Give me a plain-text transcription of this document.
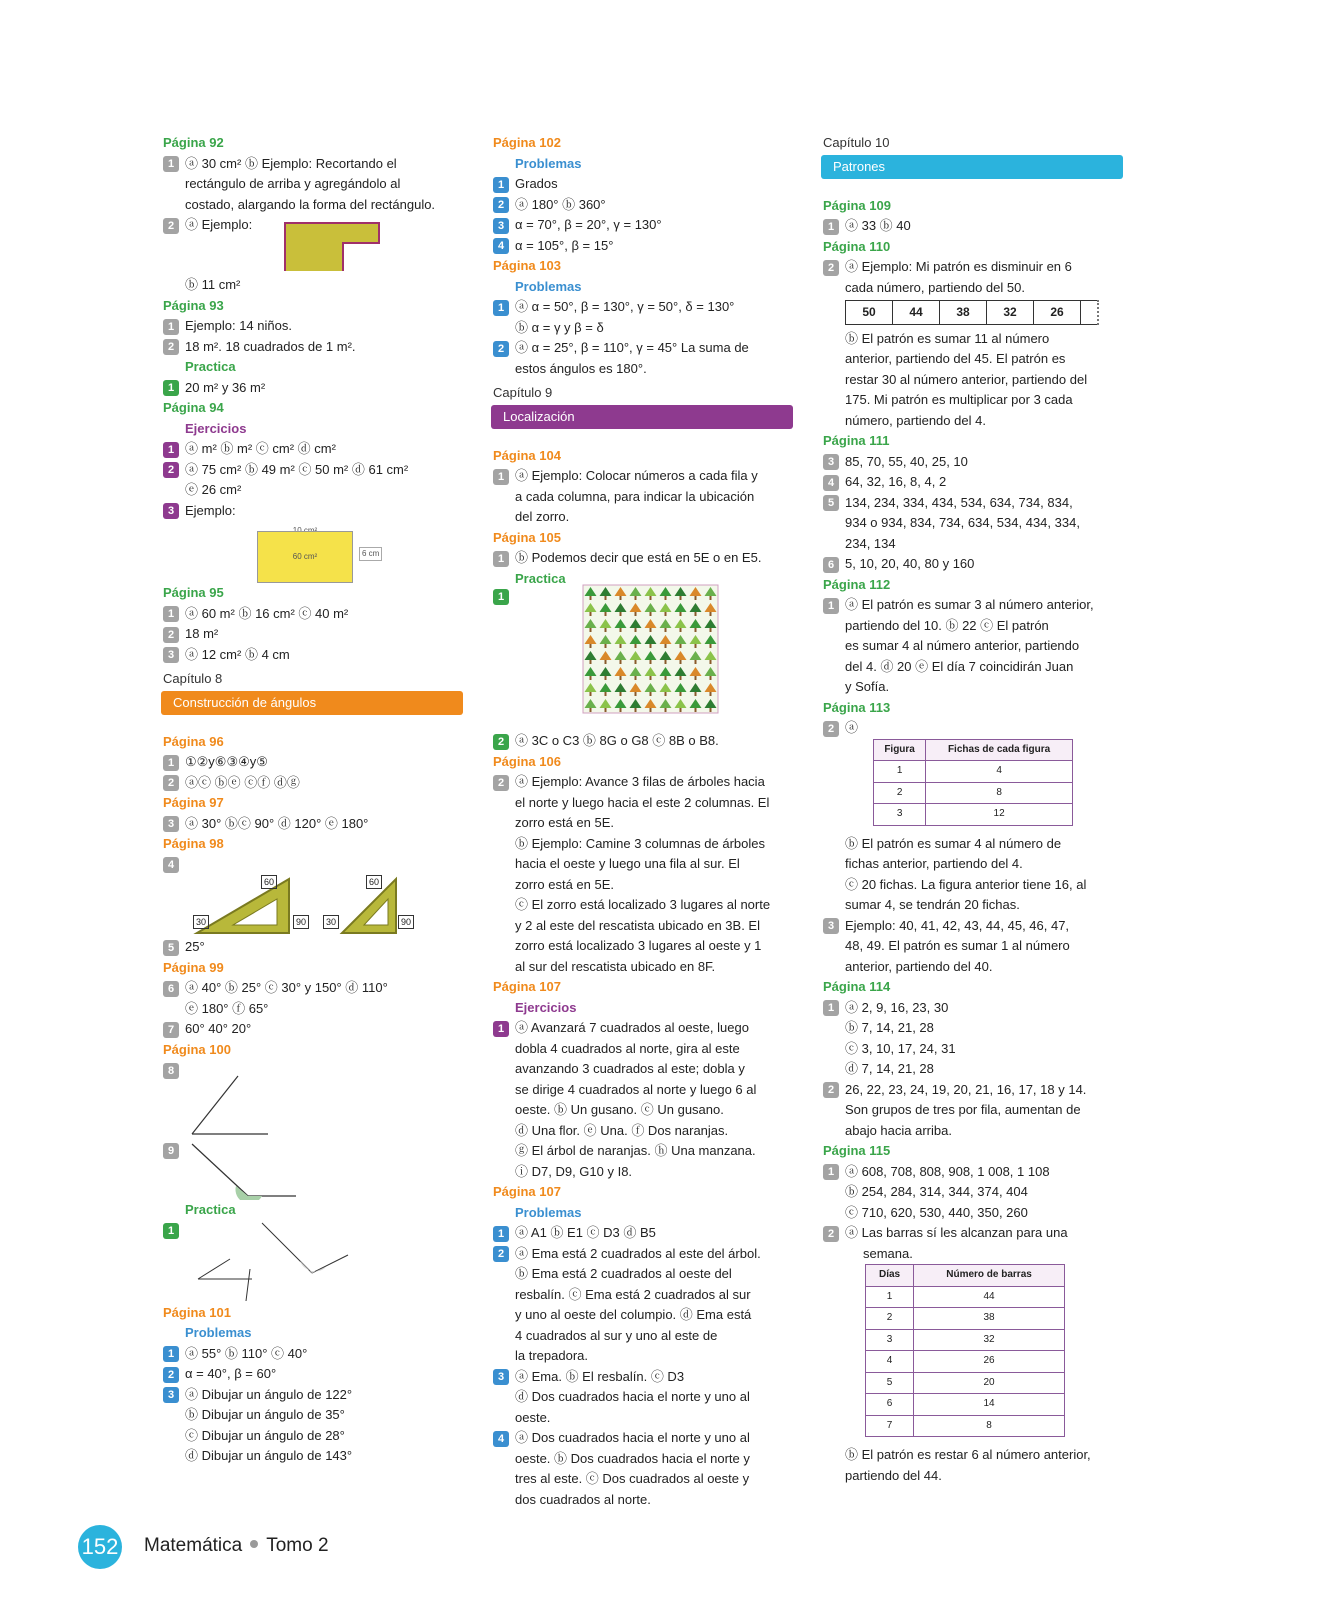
Página 92
1 ⓐ 30 cm² ⓑ Ejemplo: Recortando el
rectángulo de arriba y agregándolo al
costado, alargando la forma del rectángulo.
2 ⓐ Ejemplo:
ⓑ 11 cm²
Página 93
1 Ejemplo: 14 niños.
2 18 m². 18 cuadrados de 1 m².
Practica
1 20 m² y 36 m²
Página 94
Ejercicios
1 ⓐ m² ⓑ m² ⓒ cm² ⓓ cm²
2 ⓐ 75 cm² ⓑ 49 m² ⓒ 50 m² ⓓ 61 cm²
ⓔ 26 cm²
3 Ejemplo:
60 cm²	6 cm
Página 95
1 ⓐ 60 m² ⓑ 16 cm² ⓒ 40 m²
2 18 m²
3 ⓐ 12 cm² ⓑ 4 cm
Capítulo 8
Construcción de ángulos
Página 96
1 ①②y⑥③④y⑤
2 ⓐⓒ ⓑⓔ ⓒⓕ ⓓⓖ
Página 97
3 ⓐ 30° ⓑⓒ 90° ⓓ 120° ⓔ 180°
Página 98
4
60
30	90
60
30	90
5 25°
Página 99
6 ⓐ 40° ⓑ 25° ⓒ 30° y 150° ⓓ 110°
ⓔ 180° ⓕ 65°
7 60° 40° 20°
Página 100
8
9
Practica
1
Página 101
Problemas
1 ⓐ 55° ⓑ 110° ⓒ 40°
2 α = 40°, β = 60°
3 ⓐ Dibujar un ángulo de 122°
ⓑ Dibujar un ángulo de 35°
ⓒ Dibujar un ángulo de 28°
ⓓ Dibujar un ángulo de 143°
Página 102
Problemas
1 Grados
2 ⓐ 180° ⓑ 360°
3 α = 70°, β = 20°, γ = 130°
4 α = 105°, β = 15°
Página 103
Problemas
1 ⓐ α = 50°, β = 130°, γ = 50°, δ = 130°
ⓑ α = γ y β = δ
2 ⓐ α = 25°, β = 110°, γ = 45° La suma de
estos ángulos es 180°.
Capítulo 9
Localización
Página 104
1 ⓐ Ejemplo: Colocar números a cada fila y
a cada columna, para indicar la ubicación
del zorro.
Página 105
1 ⓑ Podemos decir que está en 5E o en E5.
Practica
1
2 ⓐ 3C o C3 ⓑ 8G o G8 ⓒ 8B o B8.
Página 106
2 ⓐ Ejemplo: Avance 3 filas de árboles hacia
el norte y luego hacia el este 2 columnas. El
zorro está en 5E.
ⓑ Ejemplo: Camine 3 columnas de árboles
hacia el oeste y luego una fila al sur. El
zorro está en 5E.
ⓒ El zorro está localizado 3 lugares al norte
y 2 al este del rescatista ubicado en 3B. El
zorro está localizado 3 lugares al oeste y 1
al sur del rescatista ubicado en 8F.
Página 107
Ejercicios
1 ⓐ Avanzará 7 cuadrados al oeste, luego
dobla 4 cuadrados al norte, gira al este
avanzando 3 cuadrados al este; dobla y
se dirige 4 cuadrados al norte y luego 6 al
oeste. ⓑ Un gusano. ⓒ Un gusano.
ⓓ Una flor. ⓔ Una. ⓕ Dos naranjas.
ⓖ El árbol de naranjas. ⓗ Una manzana.
ⓘ D7, D9, G10 y I8.
Página 107
Problemas
1 ⓐ A1 ⓑ E1 ⓒ D3 ⓓ B5
2 ⓐ Ema está 2 cuadrados al este del árbol.
ⓑ Ema está 2 cuadrados al oeste del
resbalín. ⓒ Ema está 2 cuadrados al sur
y uno al oeste del columpio. ⓓ Ema está
4 cuadrados al sur y uno al este de
la trepadora.
3 ⓐ Ema. ⓑ El resbalín. ⓒ D3
ⓓ Dos cuadrados hacia el norte y uno al
oeste.
4 ⓐ Dos cuadrados hacia el norte y uno al
oeste. ⓑ Dos cuadrados hacia el norte y
tres al este. ⓒ Dos cuadrados al oeste y
dos cuadrados al norte.
Capítulo 10
Patrones
Página 109
1 ⓐ 33 ⓑ 40
Página 110
2 ⓐ Ejemplo: Mi patrón es disminuir en 6
cada número, partiendo del 50.
50	44	38	32	26	
ⓑ El patrón es sumar 11 al número
anterior, partiendo del 45. El patrón es
restar 30 al número anterior, partiendo del
175. Mi patrón es multiplicar por 3 cada
número, partiendo del 4.
Página 111
3 85, 70, 55, 40, 25, 10
4 64, 32, 16, 8, 4, 2
5 134, 234, 334, 434, 534, 634, 734, 834,
934 o 934, 834, 734, 634, 534, 434, 334,
234, 134
6 5, 10, 20, 40, 80 y 160
Página 112
1 ⓐ El patrón es sumar 3 al número anterior,
partiendo del 10. ⓑ 22 ⓒ El patrón
es sumar 4 al número anterior, partiendo
del 4. ⓓ 20 ⓔ El día 7 coincidirán Juan
y Sofía.
Página 113
2 ⓐ
Figura	Fichas de cada figura
1	4
2	8
3	12
ⓑ El patrón es sumar 4 al número de
fichas anterior, partiendo del 4.
ⓒ 20 fichas. La figura anterior tiene 16, al
sumar 4, se tendrán 20 fichas.
3 Ejemplo: 40, 41, 42, 43, 44, 45, 46, 47,
48, 49. El patrón es sumar 1 al número
anterior, partiendo del 40.
Página 114
1 ⓐ 2, 9, 16, 23, 30
ⓑ 7, 14, 21, 28
ⓒ 3, 10, 17, 24, 31
ⓓ 7, 14, 21, 28
2 26, 22, 23, 24, 19, 20, 21, 16, 17, 18 y 14.
Son grupos de tres por fila, aumentan de
abajo hacia arriba.
Página 115
1 ⓐ 608, 708, 808, 908, 1 008, 1 108
ⓑ 254, 284, 314, 344, 374, 404
ⓒ 710, 620, 530, 440, 350, 260
2 ⓐ Las barras sí les alcanzan para una
semana.
Días	Número de barras
1	44
2	38
3	32
4	26
5	20
6	14
7	8
ⓑ El patrón es restar 6 al número anterior,
partiendo del 44.
152 Matemática Tomo 2
